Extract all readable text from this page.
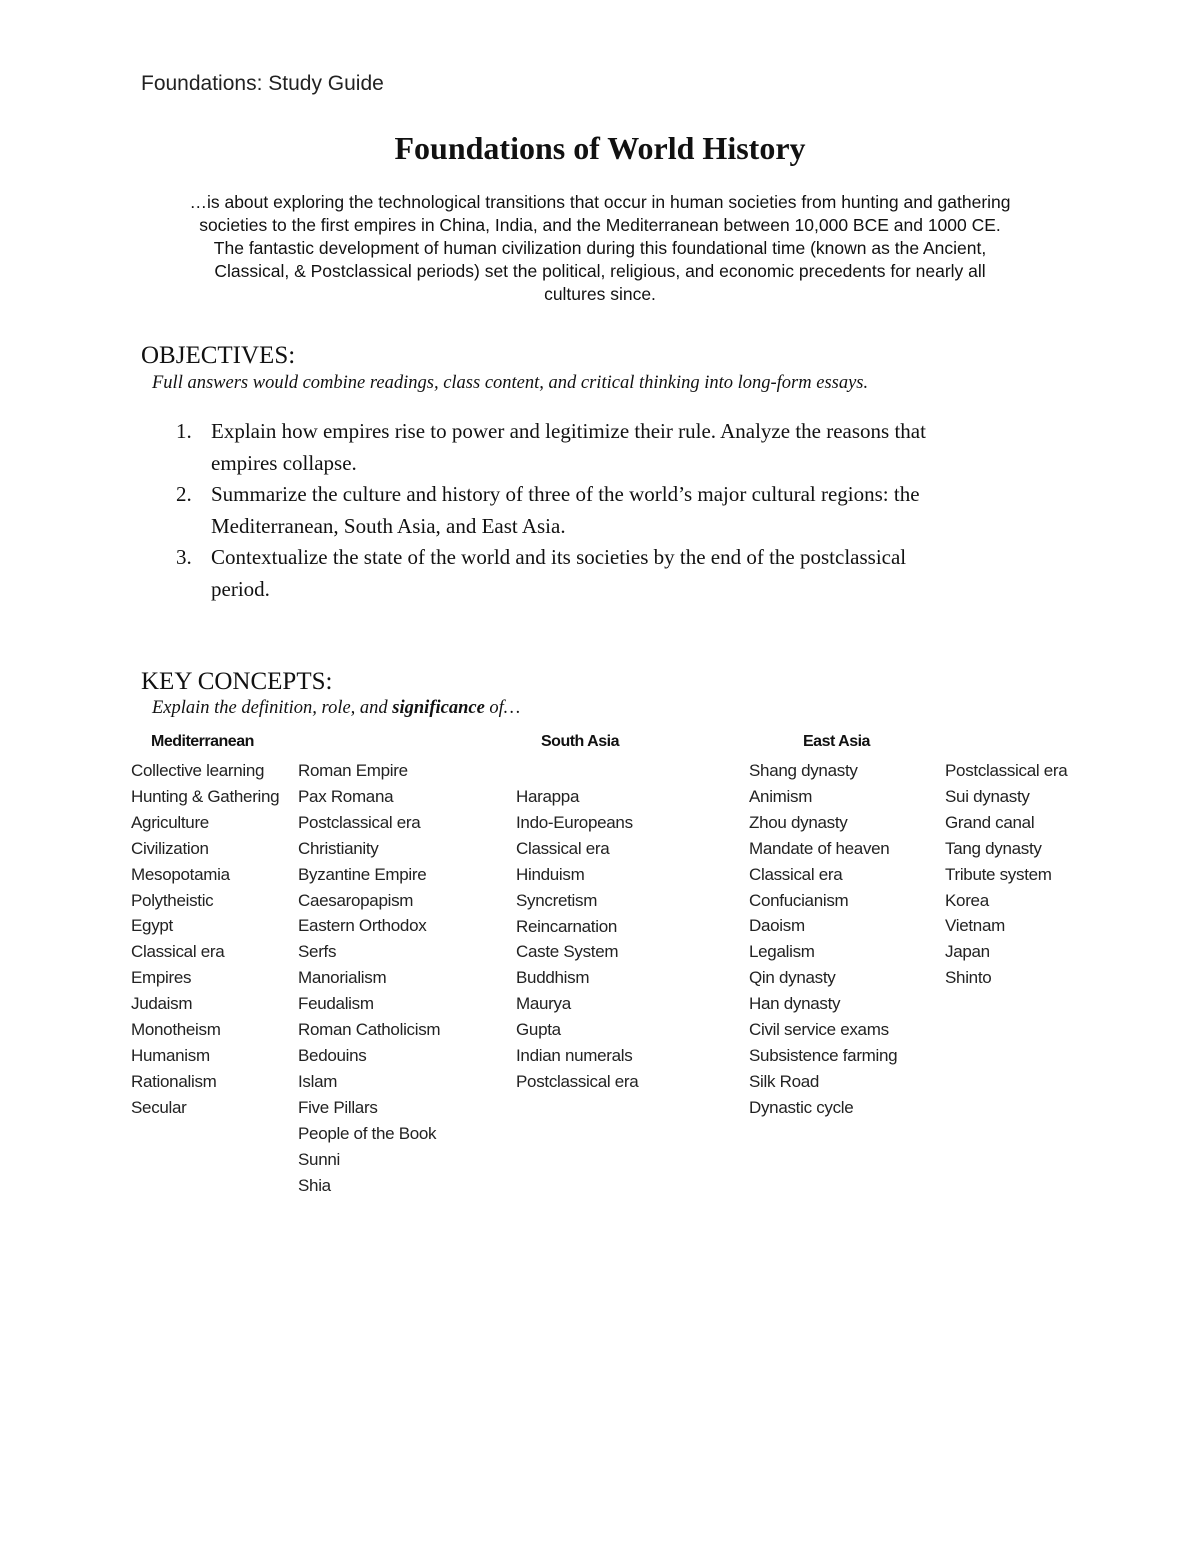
Foundations: Study Guide
Foundations of World History
…is about exploring the technological transitions that occur in human societies from hunting and gathering
societies to the first empires in China, India, and the Mediterranean between 10,000 BCE and 1000 CE.
The fantastic development of human civilization during this foundational time (known as the Ancient,
Classical, & Postclassical periods) set the political, religious, and economic precedents for nearly all
cultures since.
OBJECTIVES:
Full answers would combine readings, class content, and critical thinking into long-form essays.
1. Explain how empires rise to power and legitimize their rule. Analyze the reasons that
empires collapse.
2. Summarize the culture and history of three of the world’s major cultural regions: the
Mediterranean, South Asia, and East Asia.
3. Contextualize the state of the world and its societies by the end of the postclassical
period.
KEY CONCEPTS:
Explain the definition, role, and significance of…
Mediterranean	South Asia	East Asia
Collective learning
Hunting & Gathering
Agriculture
Civilization
Mesopotamia
Polytheistic
Egypt
Classical era
Empires
Judaism
Monotheism
Humanism
Rationalism
Secular
Roman Empire
Pax Romana
Postclassical era
Christianity
Byzantine Empire
Caesaropapism
Eastern Orthodox
Serfs
Manorialism
Feudalism
Roman Catholicism
Bedouins
Islam
Five Pillars
People of the Book
Sunni
Shia
Harappa
Indo-Europeans
Classical era
Hinduism
Syncretism
Reincarnation
Caste System
Buddhism
Maurya
Gupta
Indian numerals
Postclassical era
Shang dynasty
Animism
Zhou dynasty
Mandate of heaven
Classical era
Confucianism
Daoism
Legalism
Qin dynasty
Han dynasty
Civil service exams
Subsistence farming
Silk Road
Dynastic cycle
Postclassical era
Sui dynasty
Grand canal
Tang dynasty
Tribute system
Korea
Vietnam
Japan
Shinto
